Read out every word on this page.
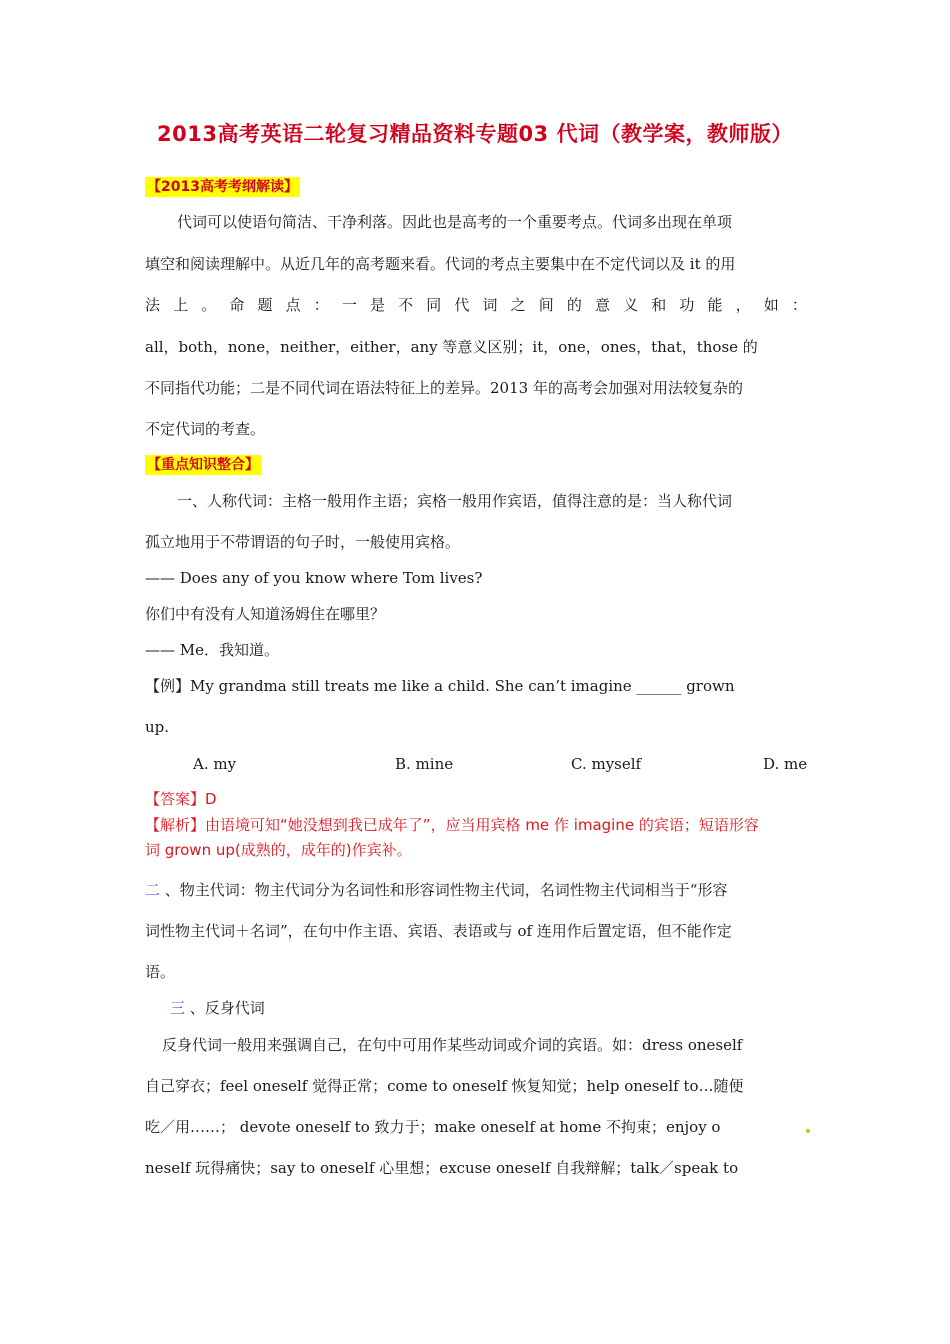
2013高考英语二轮复习精品资料专题03 代词（教学案，教师版）
【2013高考考纲解读】
代词可以使语句简洁、干净利落。因此也是高考的一个重要考点。代词多出现在单项
填空和阅读理解中。从近几年的高考题来看。代词的考点主要集中在不定代词以及 it 的用
法 上 。 命 题 点 ： 一 是 不 同 代 词 之 间 的 意 义 和 功 能 ， 如 ：
all，both，none，neither，either，any 等意义区别；it，one，ones，that，those 的
不同指代功能；二是不同代词在语法特征上的差异。2013 年的高考会加强对用法较复杂的
不定代词的考查。
【重点知识整合】
一、人称代词：主格一般用作主语；宾格一般用作宾语，值得注意的是：当人称代词
孤立地用于不带谓语的句子时，一般使用宾格。
—— Does any of you know where Tom lives?
你们中有没有人知道汤姆住在哪里？
—— Me．我知道。
【例】My grandma still treats me like a child. She can’t imagine ______ grown
up.
A. my	B. mine	C. myself	D. me
【答案】D
【解析】由语境可知“她没想到我已成年了”，应当用宾格 me 作 imagine 的宾语；短语形容
词 grown up(成熟的，成年的)作宾补。
二 、物主代词：物主代词分为名词性和形容词性物主代词，名词性物主代词相当于“形容
词性物主代词＋名词”，在句中作主语、宾语、表语或与 of 连用作后置定语，但不能作定
语。
三 、反身代词
反身代词一般用来强调自己，在句中可用作某些动词或介词的宾语。如：dress oneself
自己穿衣；feel oneself 觉得正常；come to oneself 恢复知觉；help oneself to…随便
吃／用……； devote oneself to 致力于；make oneself at home 不拘束；enjoy o
neself 玩得痛快；say to oneself 心里想；excuse oneself 自我辩解；talk／speak to
